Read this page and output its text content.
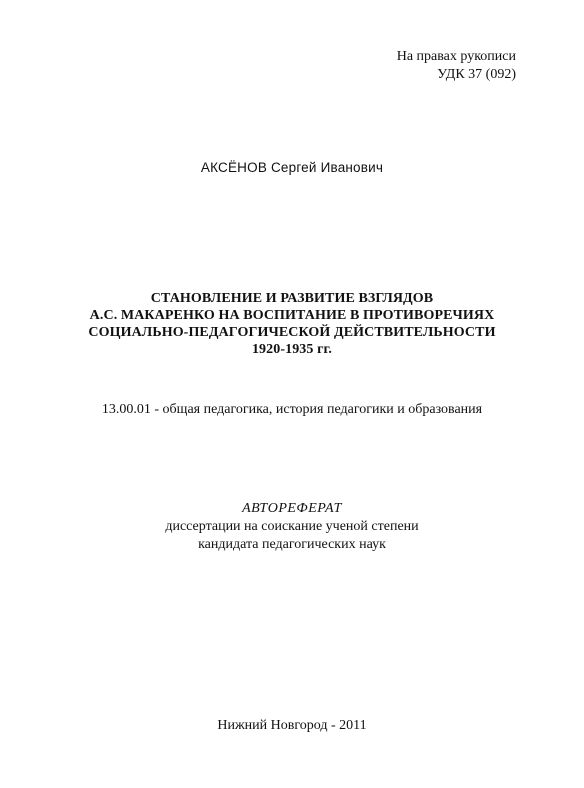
На правах рукописи
УДК 37 (092)
АКСЁНОВ Сергей Иванович
СТАНОВЛЕНИЕ И РАЗВИТИЕ ВЗГЛЯДОВ
А.С. МАКАРЕНКО НА ВОСПИТАНИЕ В ПРОТИВОРЕЧИЯХ
СОЦИАЛЬНО-ПЕДАГОГИЧЕСКОЙ ДЕЙСТВИТЕЛЬНОСТИ
1920-1935 гг.
13.00.01 - общая педагогика, история педагогики и образования
АВТОРЕФЕРАТ
диссертации на соискание ученой степени
кандидата педагогических наук
Нижний Новгород - 2011
